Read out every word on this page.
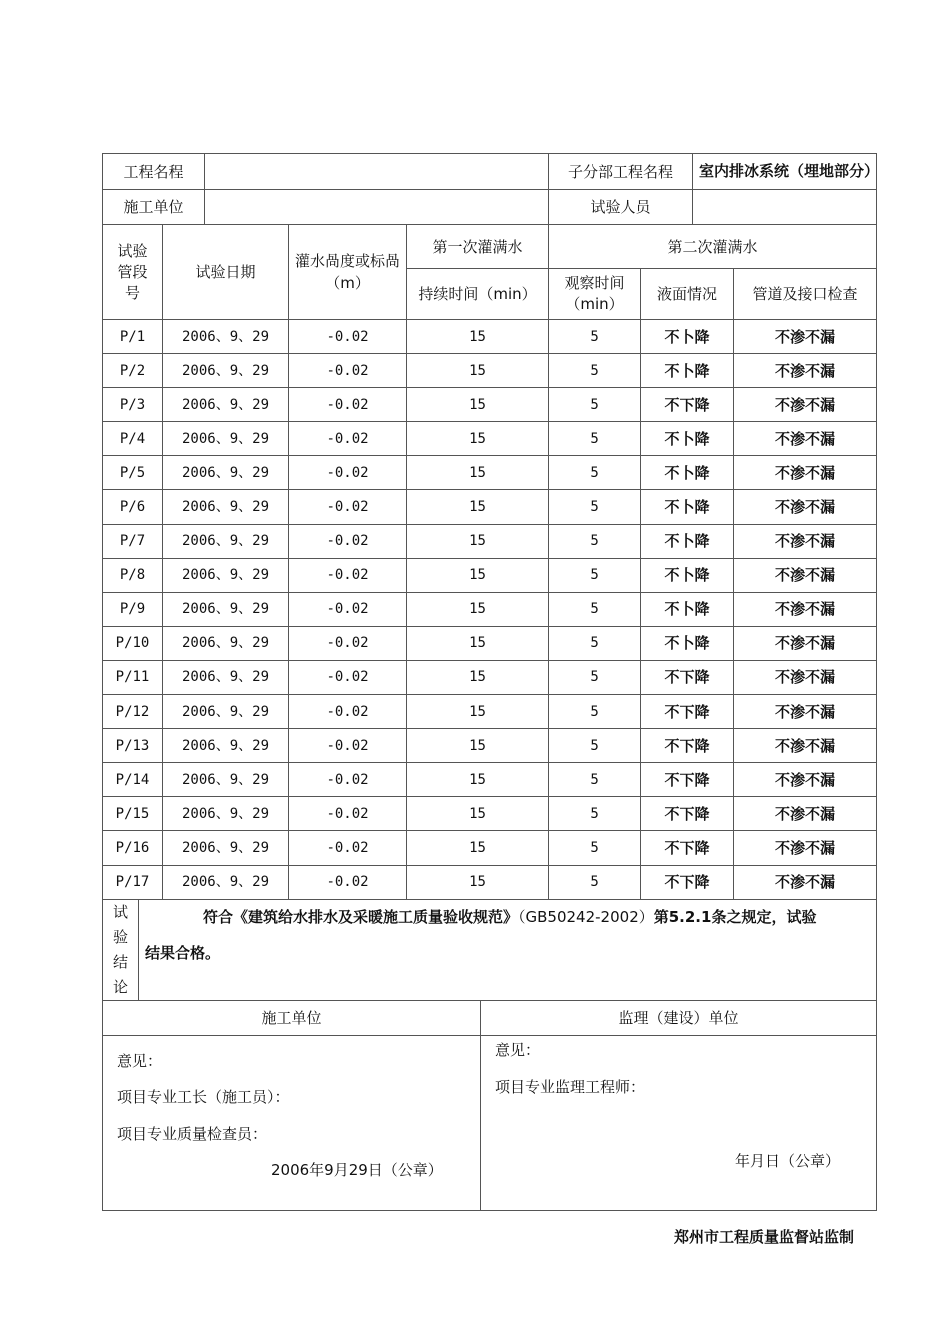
工程名程					子分部工程名程		室内排冰系统（埋地部分）	
施工单位					试验人员			
试验管段号	试验日期		灌水咼度或标咼（m）	第一次灌满水	第二次灌满水			
				持续时间（min）	观察时间（min）	液面情况		管道及接口检查
P/1	2006、9、29		-0.02	15	5	不卜降		不渗不漏
P/2	2006、9、29		-0.02	15	5	不卜降		不渗不漏
P/3	2006、9、29		-0.02	15	5	不下降		不渗不漏
P/4	2006、9、29		-0.02	15	5	不卜降		不渗不漏
P/5	2006、9、29		-0.02	15	5	不卜降		不渗不漏
P/6	2006、9、29		-0.02	15	5	不卜降		不渗不漏
P/7	2006、9、29		-0.02	15	5	不卜降		不渗不漏
P/8	2006、9、29		-0.02	15	5	不卜降		不渗不漏
P/9	2006、9、29		-0.02	15	5	不卜降		不渗不漏
P/10	2006、9、29		-0.02	15	5	不卜降		不渗不漏
P/11	2006、9、29		-0.02	15	5	不下降		不渗不漏
P/12	2006、9、29		-0.02	15	5	不下降		不渗不漏
P/13	2006、9、29		-0.02	15	5	不下降		不渗不漏
P/14	2006、9、29		-0.02	15	5	不下降		不渗不漏
P/15	2006、9、29		-0.02	15	5	不下降		不渗不漏
P/16	2006、9、29		-0.02	15	5	不下降		不渗不漏
P/17	2006、9、29		-0.02	15	5	不下降		不渗不漏
试验结论	
符合《建筑给水排水及采暖施工质量验收规范》（GB50242-2002）第5.2.1条之规定，试验
结果合格。
施工单位	监理（建设）单位

意见：
项目专业工长（施工员）：
项目专业质量检查员：
2006年9月29日（公章）	意见：
项目专业监理工程师：
年月日（公章）
郑州市工程质量监督站监制
